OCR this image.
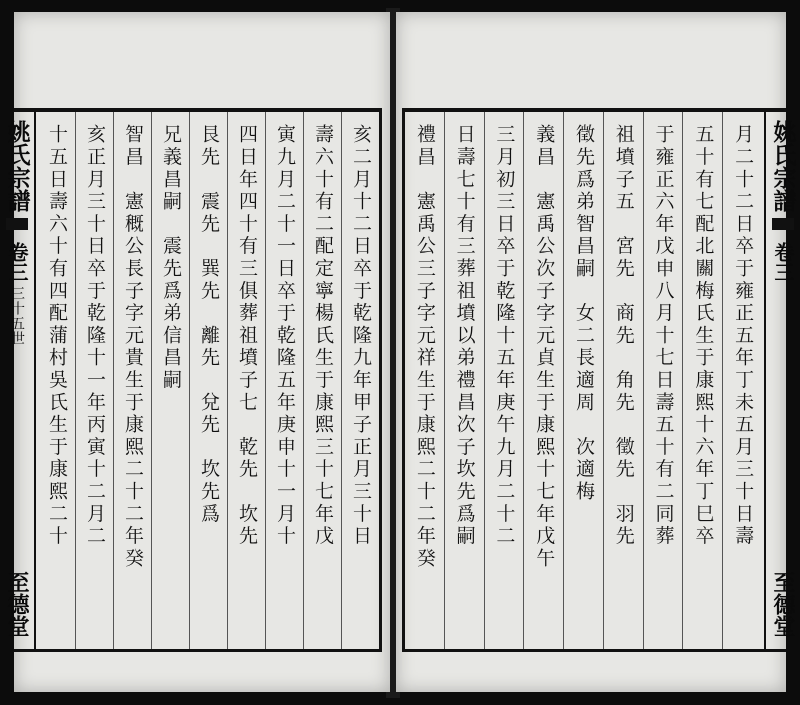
姚氏宗譜
卷三
三十五世
至德堂
亥二月十二日卒于乾隆九年甲子正月三十日
壽六十有二配定寧楊氏生于康熙三十七年戊
寅九月二十一日卒于乾隆五年庚申十一月十
四日年四十有三俱葬祖墳子七　乾先　坎先
艮先　震先　巽先　離先　兌先　坎先爲
兄義昌嗣　震先爲弟信昌嗣
智昌　憲穊公長子字元貴生于康熙二十二年癸
亥正月三十日卒于乾隆十一年丙寅十二月二
十五日壽六十有四配蒲村吳氏生于康熙二十	姚氏宗譜
卷三
至德堂
月二十二日卒于雍正五年丁未五月三十日壽
五十有七配北關梅氏生于康熙十六年丁巳卒
于雍正六年戊申八月十七日壽五十有二同葬
祖墳子五　宮先　商先　角先　徵先　羽先
徵先爲弟智昌嗣　女二長適周　次適梅
義昌　憲禹公次子字元貞生于康熙十七年戊午
三月初三日卒于乾隆十五年庚午九月二十二
日壽七十有三葬祖墳以弟禮昌次子坎先爲嗣
禮昌　憲禹公三子字元祥生于康熙二十二年癸
